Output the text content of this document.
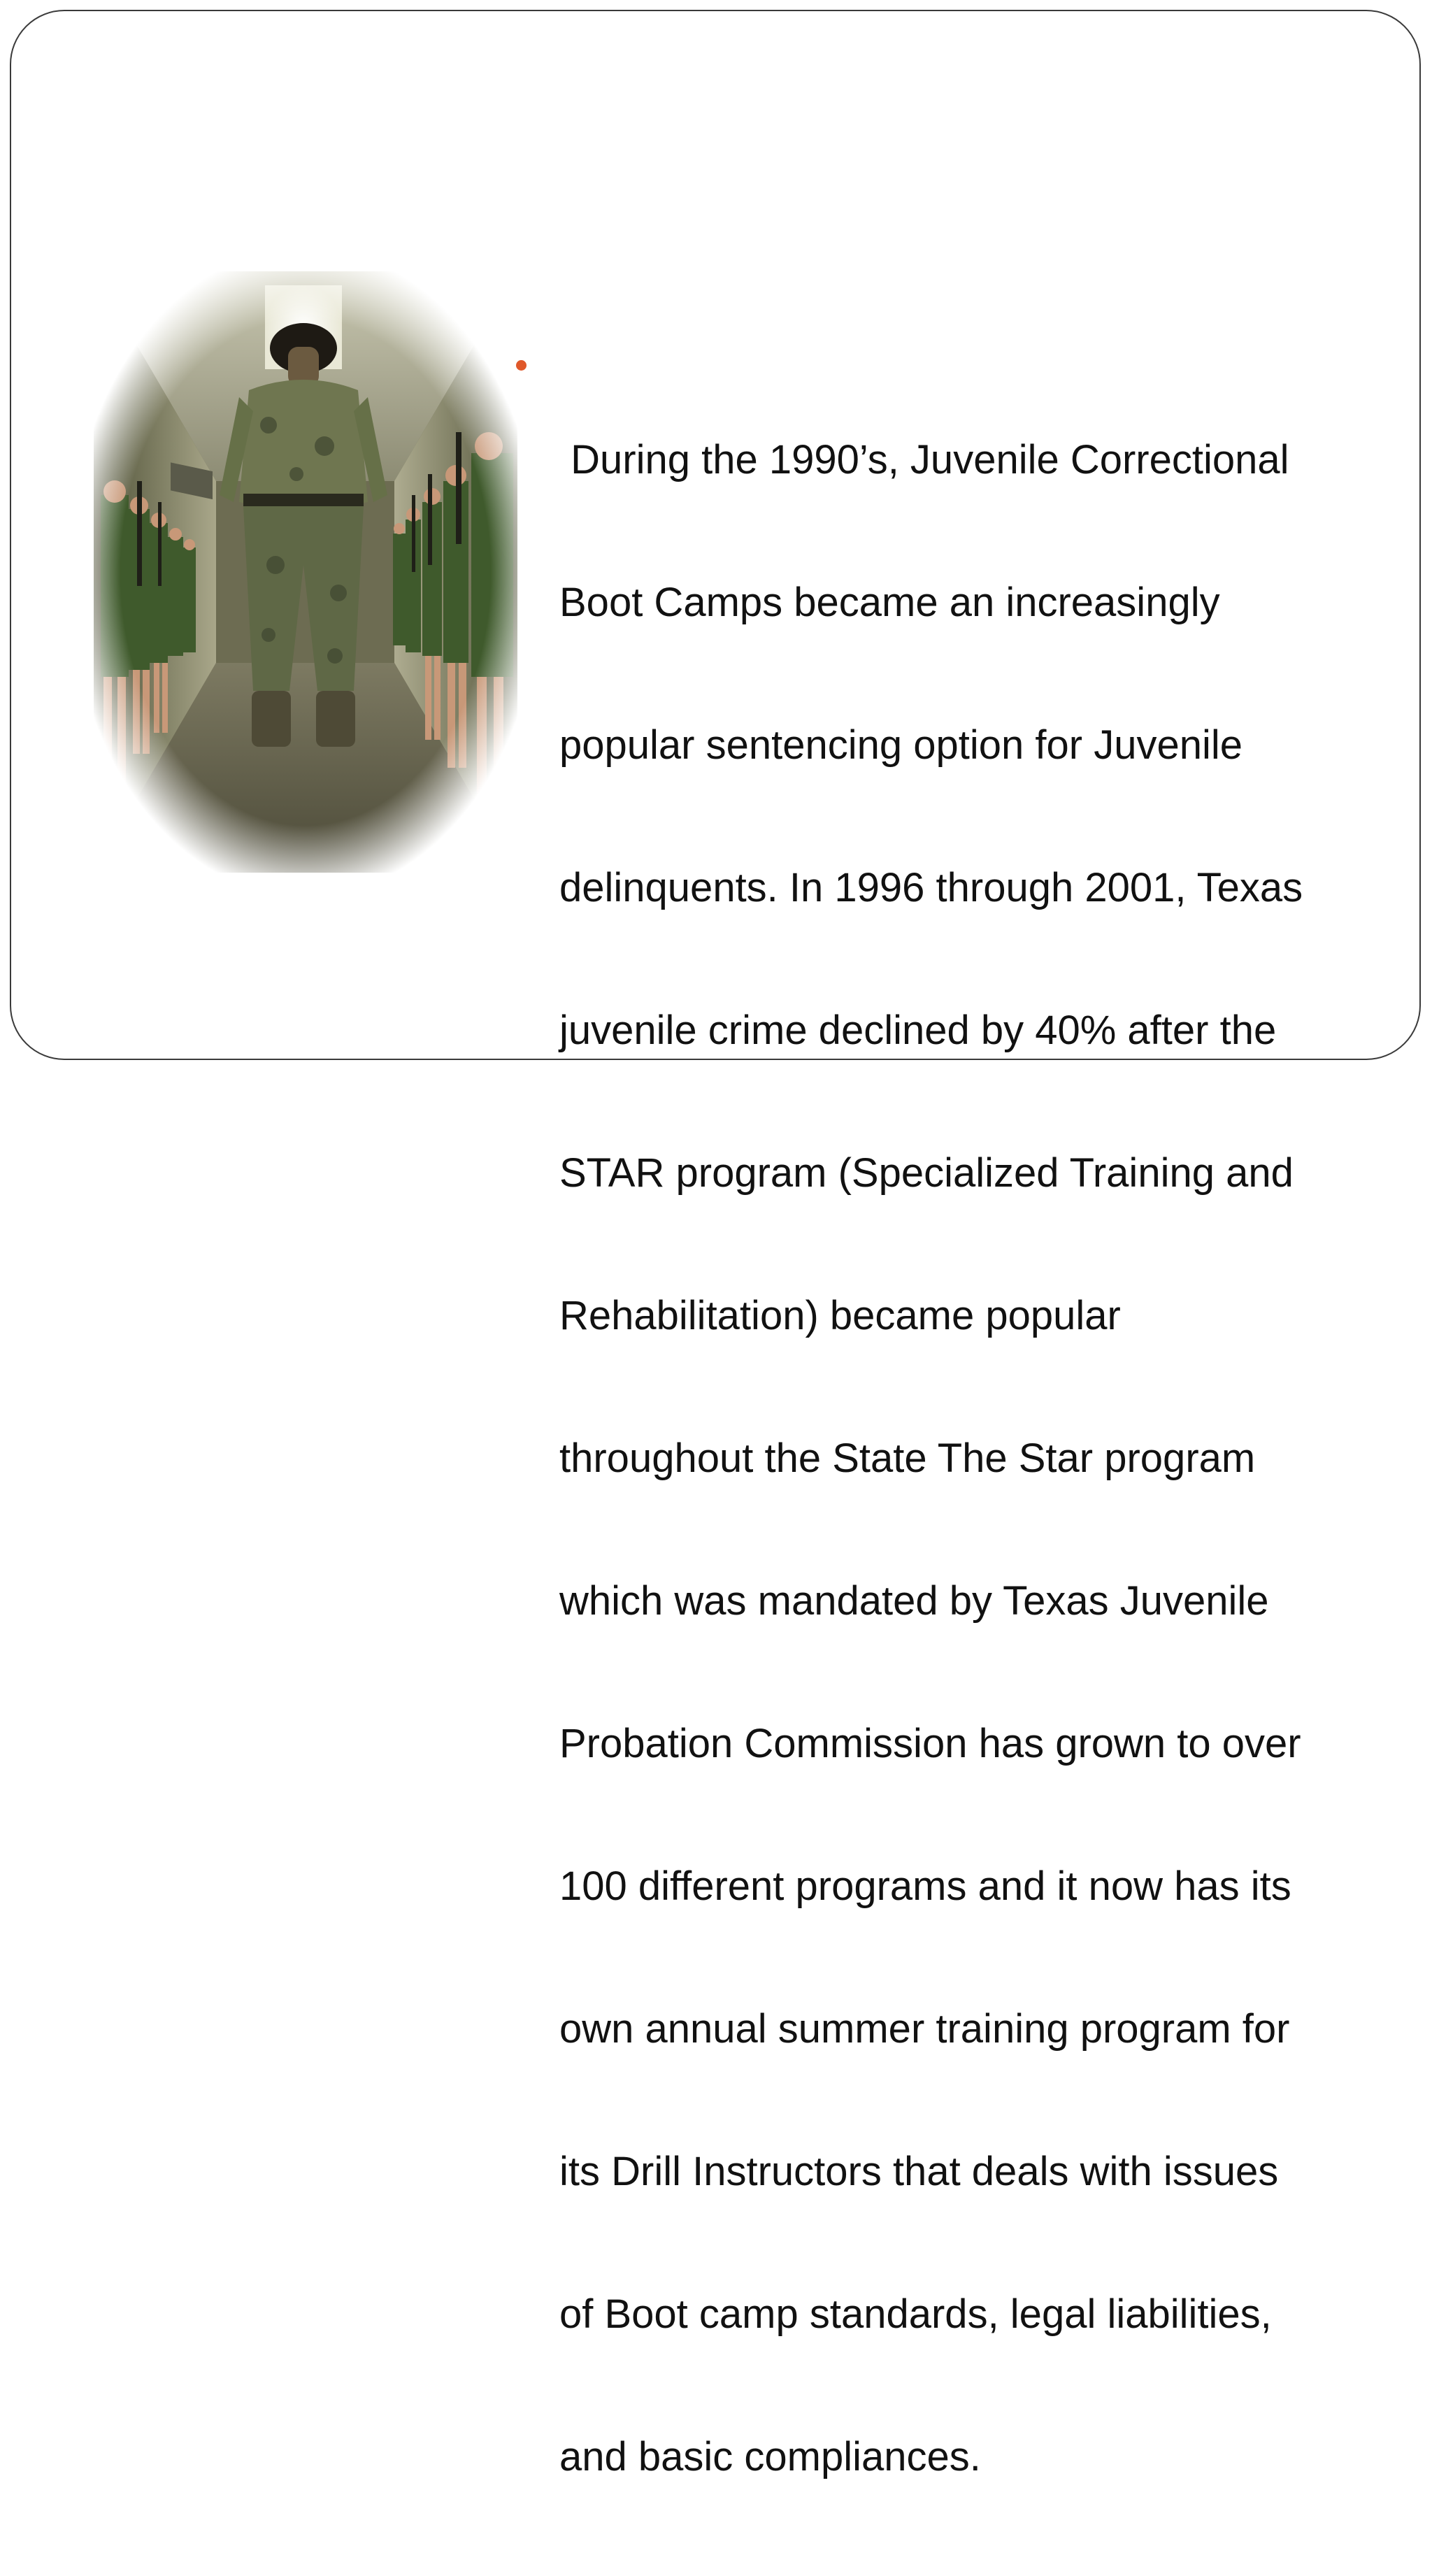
During the 1990’s, Juvenile Correctional

Boot Camps became an increasingly

popular sentencing option for Juvenile

delinquents. In 1996 through 2001, Texas

juvenile crime declined by 40% after the

STAR program (Specialized Training and

Rehabilitation) became popular

throughout the State The Star program

which was mandated by Texas Juvenile

Probation Commission has grown to over

100 different programs and it now has its

own annual summer training program for

its Drill Instructors that deals with issues

of Boot camp standards, legal liabilities,

and basic compliances.
